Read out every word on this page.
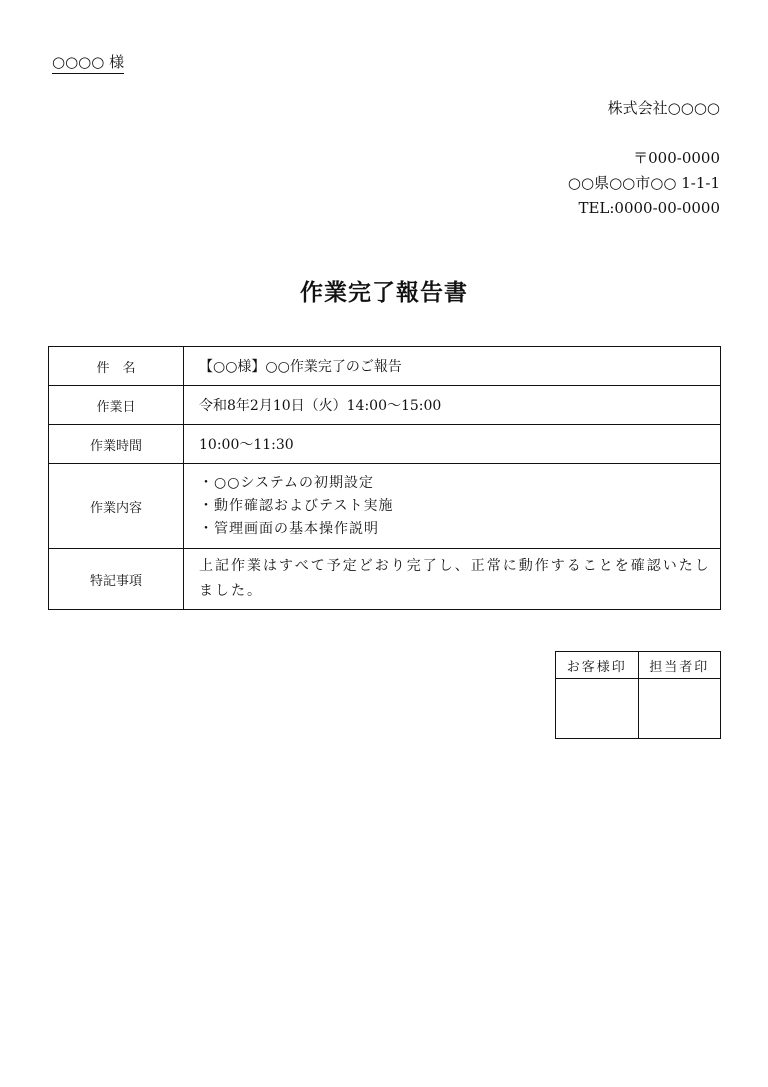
○○○○ 様
株式会社○○○○
〒000-0000
○○県○○市○○ 1-1-1
TEL:0000-00-0000
作業完了報告書
件　名	【○○様】○○作業完了のご報告
作業日	令和8年2月10日（火）14:00～15:00
作業時間	10:00～11:30
作業内容	・○○システムの初期設定
・動作確認およびテスト実施
・管理画面の基本操作説明

特記事項	上記作業はすべて予定どおり完了し、正常に動作することを確認いたしました。
お客様印	担当者印
